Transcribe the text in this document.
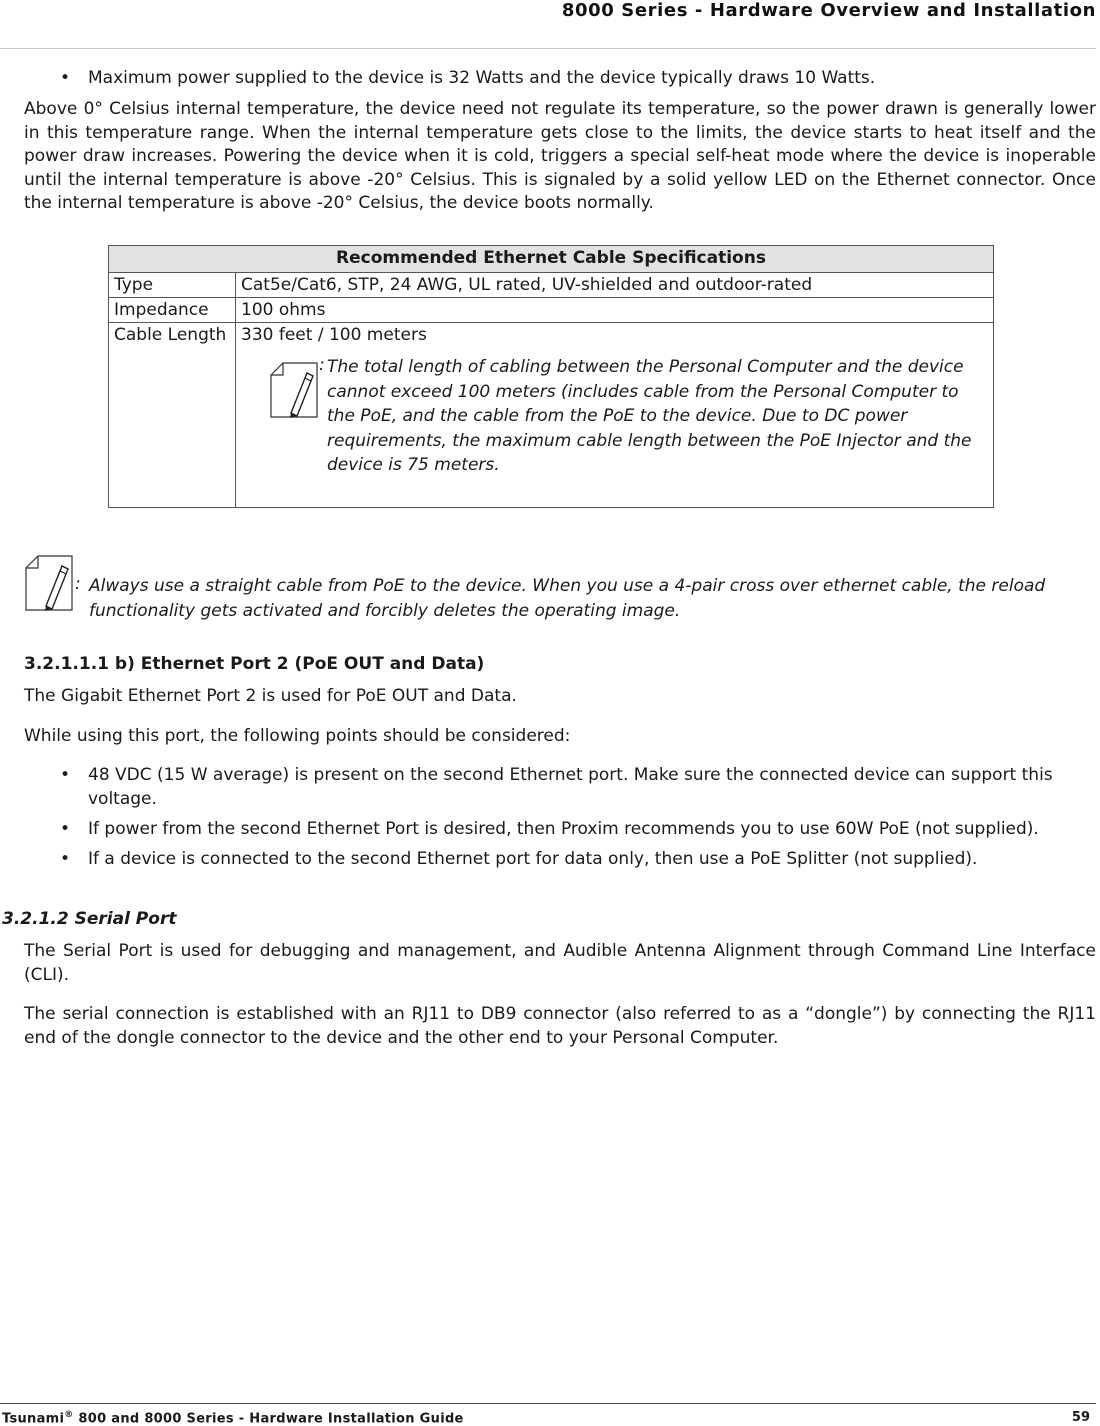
8000 Series - Hardware Overview and Installation
•	Maximum power supplied to the device is 32 Watts and the device typically draws 10 Watts.
Above 0° Celsius internal temperature, the device need not regulate its temperature, so the power drawn is generally lower in this temperature range. When the internal temperature gets close to the limits, the device starts to heat itself and the power draw increases. Powering the device when it is cold, triggers a special self-heat mode where the device is inoperable until the internal temperature is above -20° Celsius. This is signaled by a solid yellow LED on the Ethernet connector. Once the internal temperature is above -20° Celsius, the device boots normally.
Recommended Ethernet Cable Specifications	
Type	Cat5e/Cat6, STP, 24 AWG, UL rated, UV-shielded and outdoor-rated
Impedance	100 ohms
Cable Length	330 feet / 100 meters
: The total length of cabling between the Personal Computer and the device cannot exceed 100 meters (includes cable from the Personal Computer to the PoE, and the cable from the PoE to the device. Due to DC power requirements, the maximum cable length between the PoE Injector and the device is 75 meters.
: Always use a straight cable from PoE to the device. When you use a 4-pair cross over ethernet cable, the reload functionality gets activated and forcibly deletes the operating image.
3.2.1.1.1 b) Ethernet Port 2 (PoE OUT and Data)
The Gigabit Ethernet Port 2 is used for PoE OUT and Data.
While using this port, the following points should be considered:
•	48 VDC (15 W average) is present on the second Ethernet port. Make sure the connected device can support this voltage.
•	If power from the second Ethernet Port is desired, then Proxim recommends you to use 60W PoE (not supplied).
•	If a device is connected to the second Ethernet port for data only, then use a PoE Splitter (not supplied).
3.2.1.2 Serial Port
The Serial Port is used for debugging and management, and Audible Antenna Alignment through Command Line Interface (CLI).
The serial connection is established with an RJ11 to DB9 connector (also referred to as a “dongle”) by connecting the RJ11 end of the dongle connector to the device and the other end to your Personal Computer.
Tsunami® 800 and 8000 Series - Hardware Installation Guide	59
